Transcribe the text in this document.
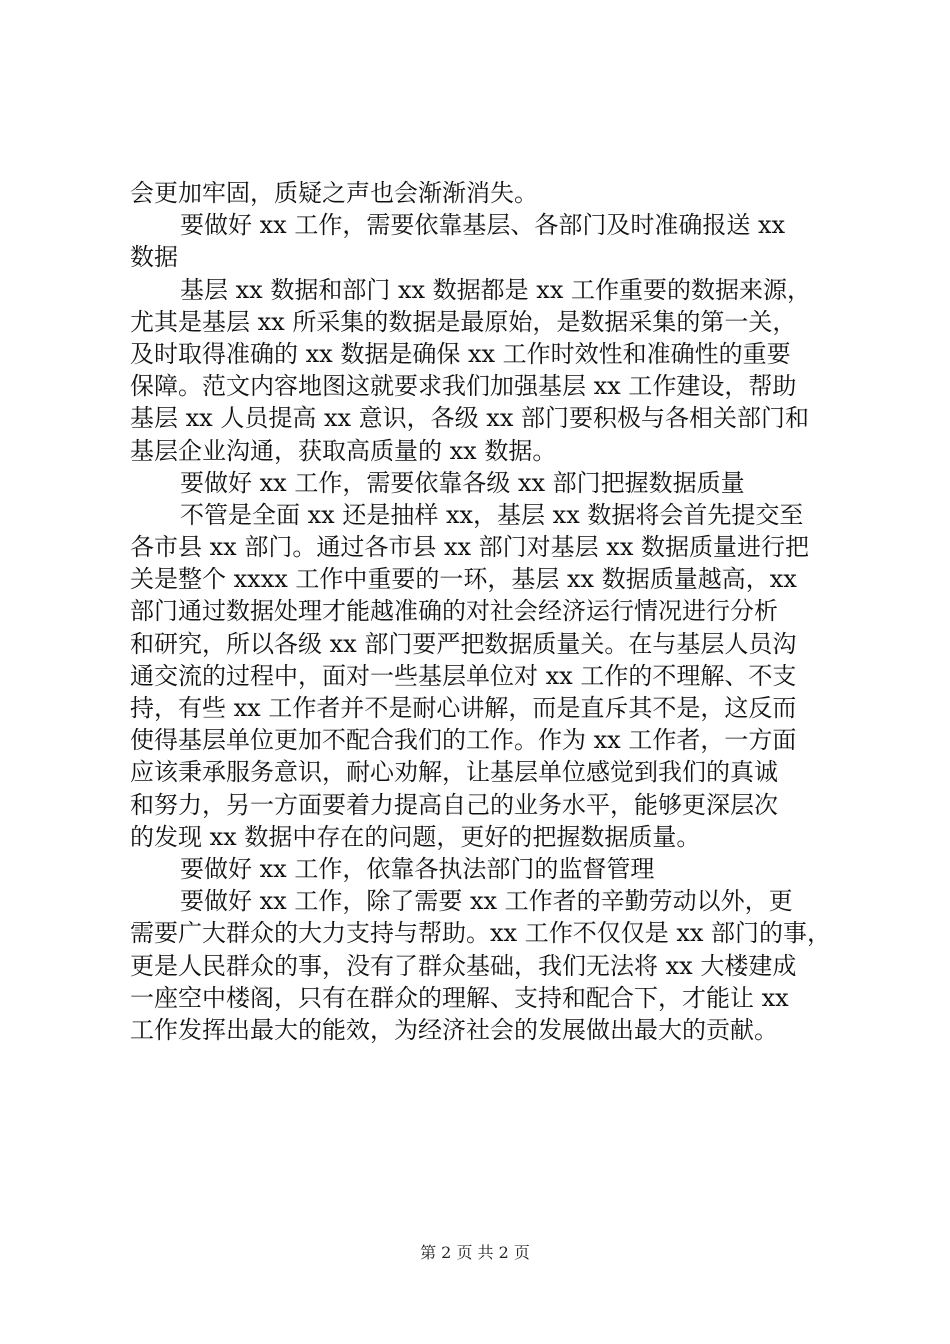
会更加牢固，质疑之声也会渐渐消失。
要做好 xx 工作，需要依靠基层、各部门及时准确报送 xx
数据
基层 xx 数据和部门 xx 数据都是 xx 工作重要的数据来源，
尤其是基层 xx 所采集的数据是最原始，是数据采集的第一关，
及时取得准确的 xx 数据是确保 xx 工作时效性和准确性的重要
保障。范文内容地图这就要求我们加强基层 xx 工作建设，帮助
基层 xx 人员提高 xx 意识，各级 xx 部门要积极与各相关部门和
基层企业沟通，获取高质量的 xx 数据。
要做好 xx 工作，需要依靠各级 xx 部门把握数据质量
不管是全面 xx 还是抽样 xx，基层 xx 数据将会首先提交至
各市县 xx 部门。通过各市县 xx 部门对基层 xx 数据质量进行把
关是整个 xxxx 工作中重要的一环，基层 xx 数据质量越高，xx
部门通过数据处理才能越准确的对社会经济运行情况进行分析
和研究，所以各级 xx 部门要严把数据质量关。在与基层人员沟
通交流的过程中，面对一些基层单位对 xx 工作的不理解、不支
持，有些 xx 工作者并不是耐心讲解，而是直斥其不是，这反而
使得基层单位更加不配合我们的工作。作为 xx 工作者，一方面
应该秉承服务意识，耐心劝解，让基层单位感觉到我们的真诚
和努力，另一方面要着力提高自己的业务水平，能够更深层次
的发现 xx 数据中存在的问题，更好的把握数据质量。
要做好 xx 工作，依靠各执法部门的监督管理
要做好 xx 工作，除了需要 xx 工作者的辛勤劳动以外，更
需要广大群众的大力支持与帮助。xx 工作不仅仅是 xx 部门的事，
更是人民群众的事，没有了群众基础，我们无法将 xx 大楼建成
一座空中楼阁，只有在群众的理解、支持和配合下，才能让 xx
工作发挥出最大的能效，为经济社会的发展做出最大的贡献。
第 2 页 共 2 页
